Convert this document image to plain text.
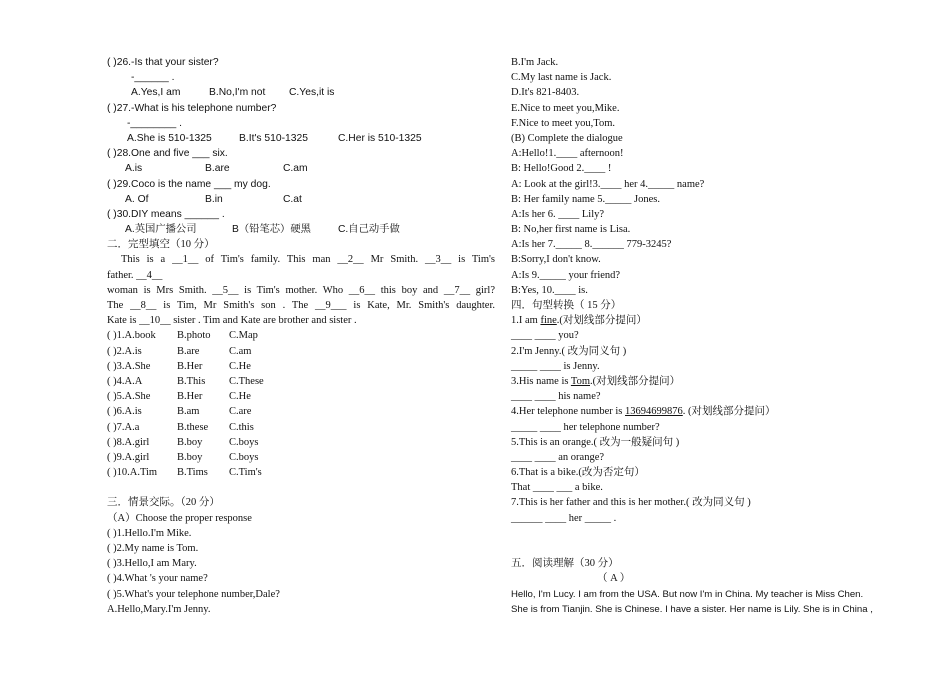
( )26.-Is that your sister?
-______ .
A.Yes,I am	B.No,I'm not C.Yes,it is
( )27.-What is his telephone number?
-________ .
A.She is 510-1325	B.It's 510-1325	C.Her is 510-1325
( )28.One and five ___ six.
A.is	B.are	C.am
( )29.Coco is the name ___ my dog.
A. Of	B.in	C.at
( )30.DIY means ______ .
A.英国广播公司	B（铅笔芯）硬黑	C.自己动手做
二．完型填空（10 分）
This is a __1__ of Tim's family. This man __2__ Mr Smith. __3__ is Tim's
father. __4__
woman is Mrs Smith. __5__ is Tim's mother. Who __6__ this boy and __7__ girl?
The __8__ is Tim, Mr Smith's son . The __9___ is Kate, Mr. Smith's daughter.
Kate is __10__ sister . Tim and Kate are brother and sister .
( )1.A.book B.photo C.Map
( )2.A.is	B.are	C.am
( )3.A.She	B.Her	C.He
( )4.A.A	B.This C.These
( )5.A.She	B.Her	C.He
( )6.A.is	B.am	C.are
( )7.A.a	B.these C.this
( )8.A.girl	B.boy	C.boys
( )9.A.girl	B.boy	C.boys
( )10.A.Tim B.Tims C.Tim's
三．情景交际。（20 分）
（A）Choose the proper response
( )1.Hello.I'm Mike.
( )2.My name is Tom.
( )3.Hello,I am Mary.
( )4.What 's your name?
( )5.What's your telephone number,Dale?
A.Hello,Mary.I'm Jenny.
B.I'm Jack.
C.My last name is Jack.
D.It's 821-8403.
E.Nice to meet you,Mike.
F.Nice to meet you,Tom.
(B) Complete the dialogue
A:Hello!1.____ afternoon!
B: Hello!Good 2.____ !
A: Look at the girl!3.____ her 4._____ name?
B: Her family name 5._____ Jones.
A:Is her 6. ____ Lily?
B: No,her first name is Lisa.
A:Is her 7._____ 8.______ 779-3245?
B:Sorry,I don't know.
A:Is 9._____ your friend?
B:Yes, 10.____ is.
四．句型转换（ 15 分）
1.I am fine.(对划线部分提问）
____ ____ you?
2.I'm Jenny.( 改为同义句 )
_____ ____ is Jenny.
3.His name is Tom.(对划线部分提问）
____ ____ his name?
4.Her telephone number is 13694699876. (对划线部分提问）
_____ ____ her telephone number?
5.This is an orange.( 改为一般疑问句 )
____ ____ an orange?
6.That is a bike.(改为否定句）
That ____ ___ a bike.
7.This is her father and this is her mother.( 改为同义句 )
______ ____ her _____ .
五．阅读理解（30 分）
（ A ）
Hello, I'm Lucy. I am from the USA. But now I'm in China. My teacher is Miss Chen.
She is from Tianjin. She is Chinese. I have a sister. Her name is Lily. She is in China ,
